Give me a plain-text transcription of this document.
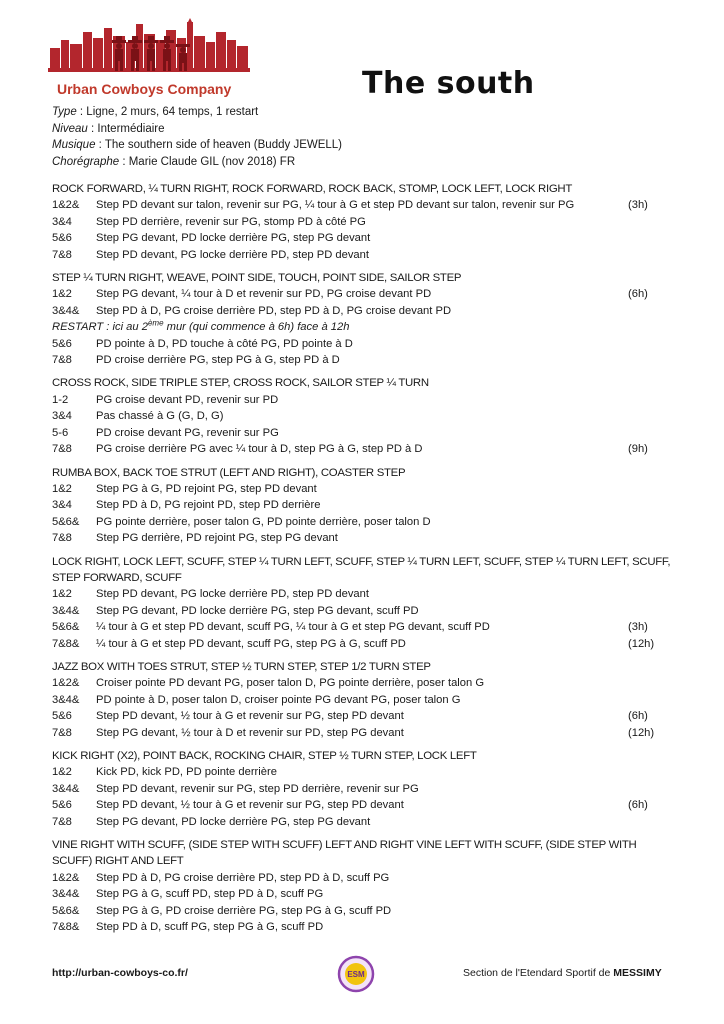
Urban Cowboys Company	The south
Type : Ligne, 2 murs, 64 temps, 1 restart
Niveau : Intermédiaire
Musique : The southern side of heaven (Buddy JEWELL)
Chorégraphe : Marie Claude GIL (nov 2018) FR
ROCK FORWARD, ¼ TURN RIGHT, ROCK FORWARD, ROCK BACK, STOMP, LOCK LEFT, LOCK RIGHT
1&2&	Step PD devant sur talon, revenir sur PG, ¼ tour à G et step PD devant sur talon, revenir sur PG	(3h)
3&4	Step PD derrière, revenir sur PG, stomp PD à côté PG
5&6	Step PG devant, PD locke derrière PG, step PG devant
7&8	Step PD devant, PG locke derrière PD, step PD devant
STEP ¼ TURN RIGHT, WEAVE, POINT SIDE, TOUCH, POINT SIDE, SAILOR STEP
1&2	Step PG devant, ¼ tour à D et revenir sur PD, PG croise devant PD	(6h)
3&4&	Step PD à D, PG croise derrière PD, step PD à D, PG croise devant PD
RESTART : ici au 2ème mur (qui commence à 6h) face à 12h
5&6	PD pointe à D, PD touche à côté PG, PD pointe à D
7&8	PD croise derrière PG, step PG à G, step PD à D
CROSS ROCK, SIDE TRIPLE STEP, CROSS ROCK, SAILOR STEP ¼ TURN
1-2	PG croise devant PD, revenir sur PD
3&4	Pas chassé à G (G, D, G)
5-6	PD croise devant PG, revenir sur PG
7&8	PG croise derrière PG avec ¼ tour à D, step PG à G, step PD à D	(9h)
RUMBA BOX, BACK TOE STRUT (LEFT AND RIGHT), COASTER STEP
1&2	Step PG à G, PD rejoint PG, step PD devant
3&4	Step PD à D, PG rejoint PD, step PD derrière
5&6&	PG pointe derrière, poser talon G, PD pointe derrière, poser talon D
7&8	Step PG derrière, PD rejoint PG, step PG devant
LOCK RIGHT, LOCK LEFT, SCUFF, STEP ¼ TURN LEFT, SCUFF, STEP ¼ TURN LEFT, SCUFF, STEP ¼ TURN LEFT, SCUFF, STEP FORWARD, SCUFF
1&2	Step PD devant, PG locke derrière PD, step PD devant
3&4&	Step PG devant, PD locke derrière PG, step PG devant, scuff PD
5&6&	¼ tour à G et step PD devant, scuff PG, ¼ tour à G et step PG devant, scuff PD	(3h)
7&8&	¼ tour à G et step PD devant, scuff PG, step PG à G, scuff PD	(12h)
JAZZ BOX WITH TOES STRUT, STEP ½ TURN STEP, STEP 1/2 TURN STEP
1&2&	Croiser pointe PD devant PG, poser talon D, PG pointe derrière, poser talon G
3&4&	PD pointe à D, poser talon D, croiser pointe PG devant PG, poser talon G
5&6	Step PD devant, ½ tour à G et revenir sur PG, step PD devant	(6h)
7&8	Step PG devant, ½ tour à D et revenir sur PD, step PG devant	(12h)
KICK RIGHT (X2), POINT BACK, ROCKING CHAIR, STEP ½ TURN STEP, LOCK LEFT
1&2	Kick PD, kick PD, PD pointe derrière
3&4&	Step PD devant, revenir sur PG, step PD derrière, revenir sur PG
5&6	Step PD devant, ½ tour à G et revenir sur PG, step PD devant	(6h)
7&8	Step PG devant, PD locke derrière PG, step PG devant
VINE RIGHT WITH SCUFF, (SIDE STEP WITH SCUFF) LEFT AND RIGHT VINE LEFT WITH SCUFF, (SIDE STEP WITH SCUFF) RIGHT AND LEFT
1&2&	Step PD à D, PG croise derrière PD, step PD à D, scuff PG
3&4&	Step PG à G, scuff PD, step PD à D, scuff PG
5&6&	Step PG à G, PD croise derrière PG, step PG à G, scuff PD
7&8&	Step PD à D, scuff PG, step PG à G, scuff PD
http://urban-cowboys-co.fr/	ESM	Section de l'Etendard Sportif de MESSIMY
